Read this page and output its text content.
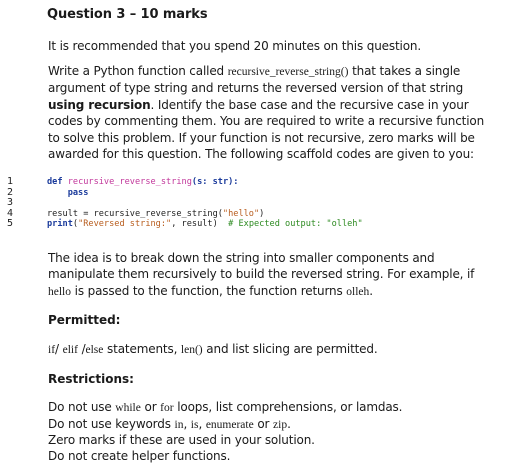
Question 3 – 10 marks
It is recommended that you spend 20 minutes on this question.
Write a Python function called recursive_reverse_string() that takes a single argument of type string and returns the reversed version of that string using recursion. Identify the base case and the recursive case in your codes by commenting them. You are required to write a recursive function to solve this problem. If your function is not recursive, zero marks will be awarded for this question. The following scaffold codes are given to you:
1	def recursive_reverse_string(s: str):
2	pass
3
4	result = recursive_reverse_string("hello")
5	print("Reversed string:", result)  # Expected output: "olleh"
The idea is to break down the string into smaller components and manipulate them recursively to build the reversed string. For example, if hello is passed to the function, the function returns olleh.
Permitted:
if/ elif /else statements, len() and list slicing are permitted.
Restrictions:
Do not use while or for loops, list comprehensions, or lamdas.
Do not use keywords in, is, enumerate or zip.
Zero marks if these are used in your solution.
Do not create helper functions.
